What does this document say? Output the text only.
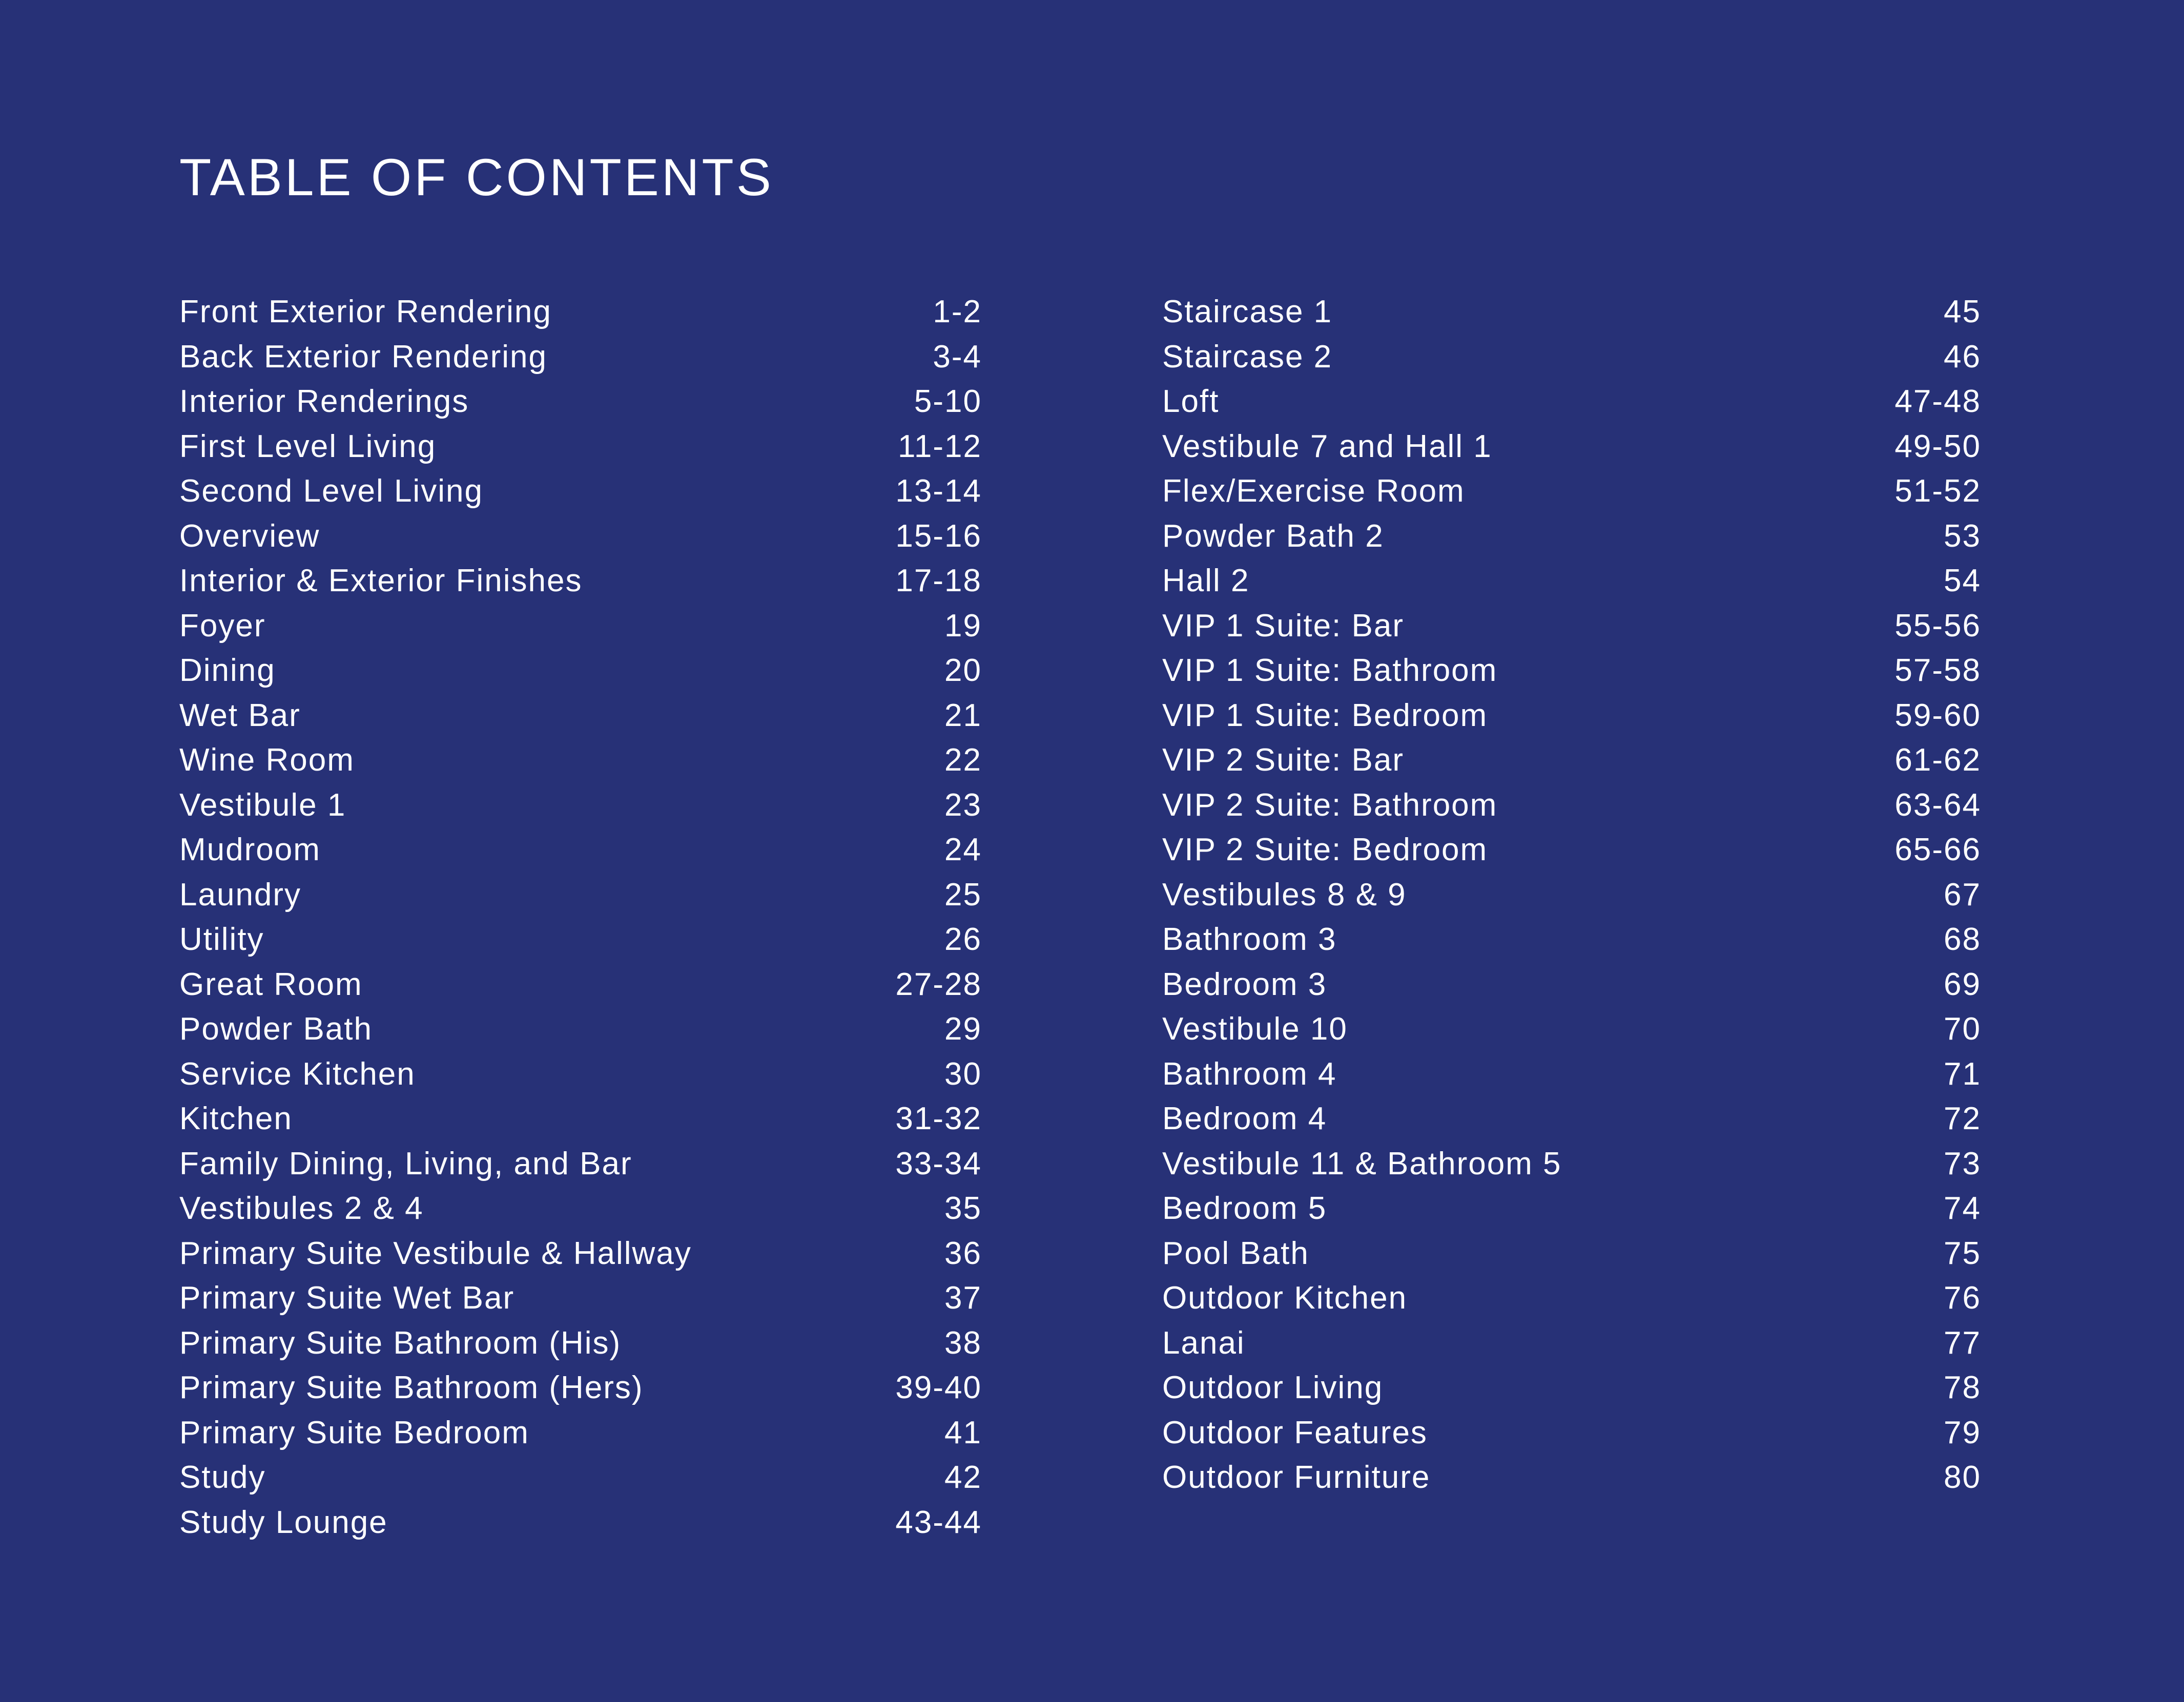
TABLE OF CONTENTS
Front Exterior Rendering	1-2
Back Exterior Rendering	3-4
Interior Renderings	5-10
First Level Living	11-12
Second Level Living	13-14
Overview	15-16
Interior & Exterior Finishes	17-18
Foyer	19
Dining	20
Wet Bar	21
Wine Room	22
Vestibule 1	23
Mudroom	24
Laundry	25
Utility	26
Great Room	27-28
Powder Bath	29
Service Kitchen	30
Kitchen	31-32
Family Dining, Living, and Bar	33-34
Vestibules 2 & 4	35
Primary Suite Vestibule & Hallway	36
Primary Suite Wet Bar	37
Primary Suite Bathroom (His)	38
Primary Suite Bathroom (Hers)	39-40
Primary Suite Bedroom	41
Study	42
Study Lounge	43-44
Staircase 1	45
Staircase 2	46
Loft	47-48
Vestibule 7 and Hall 1	49-50
Flex/Exercise Room	51-52
Powder Bath 2	53
Hall 2	54
VIP 1 Suite: Bar	55-56
VIP 1 Suite: Bathroom	57-58
VIP 1 Suite: Bedroom	59-60
VIP 2 Suite: Bar	61-62
VIP 2 Suite: Bathroom	63-64
VIP 2 Suite: Bedroom	65-66
Vestibules 8 & 9	67
Bathroom 3	68
Bedroom 3	69
Vestibule 10	70
Bathroom 4	71
Bedroom 4	72
Vestibule 11 & Bathroom 5	73
Bedroom 5	74
Pool Bath	75
Outdoor Kitchen	76
Lanai	77
Outdoor Living	78
Outdoor Features	79
Outdoor Furniture	80
